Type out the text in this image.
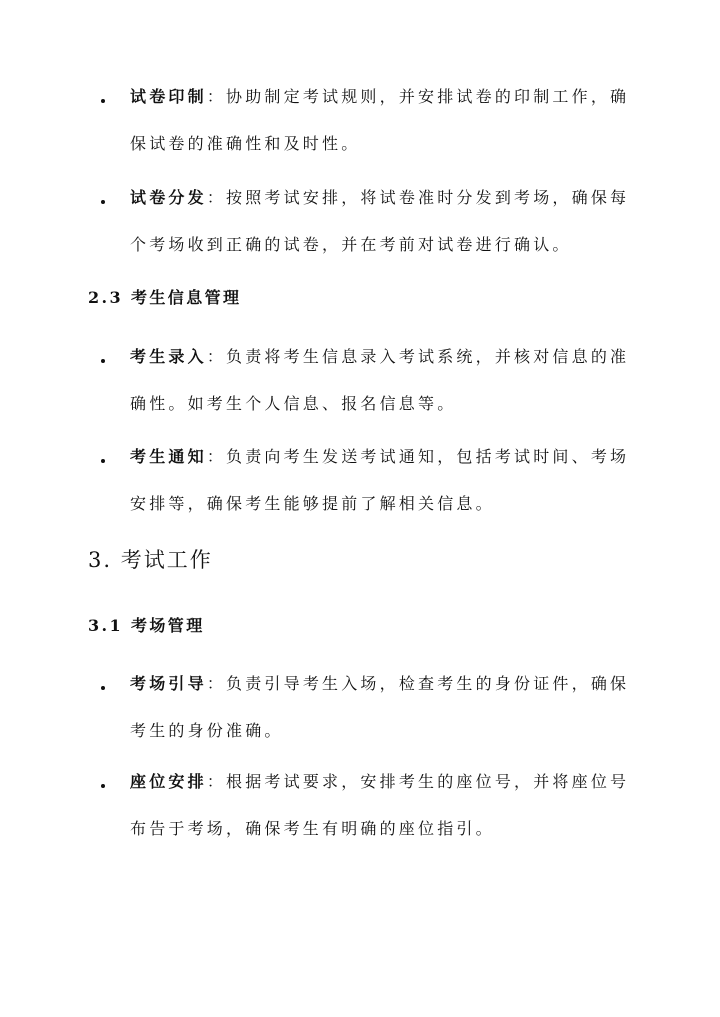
试卷印制：协助制定考试规则，并安排试卷的印制工作，确
保试卷的准确性和及时性。
试卷分发：按照考试安排，将试卷准时分发到考场，确保每
个考场收到正确的试卷，并在考前对试卷进行确认。
2.3 考生信息管理
考生录入：负责将考生信息录入考试系统，并核对信息的准
确性。如考生个人信息、报名信息等。
考生通知：负责向考生发送考试通知，包括考试时间、考场
安排等，确保考生能够提前了解相关信息。
3. 考试工作
3.1 考场管理
考场引导：负责引导考生入场，检查考生的身份证件，确保
考生的身份准确。
座位安排：根据考试要求，安排考生的座位号，并将座位号
布告于考场，确保考生有明确的座位指引。
